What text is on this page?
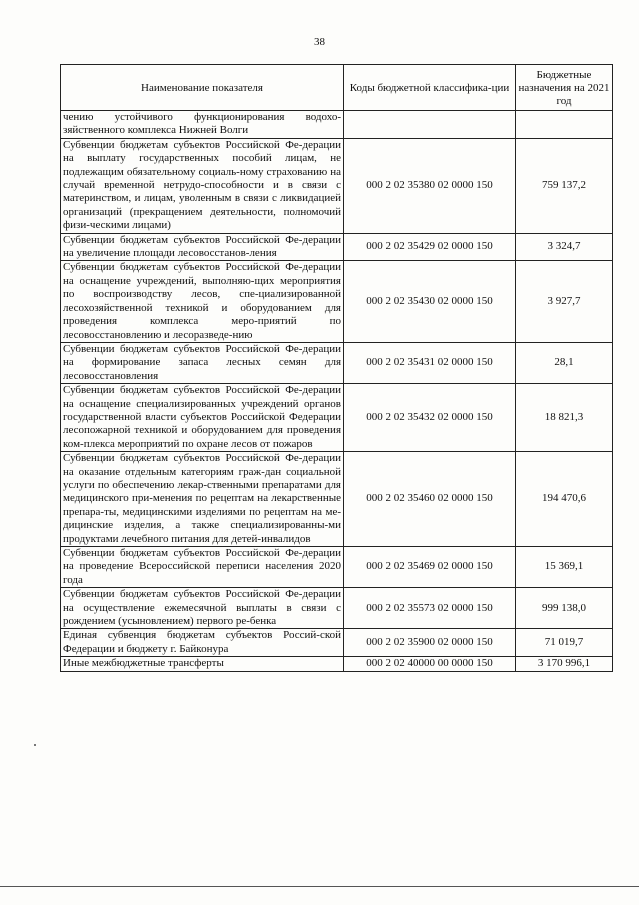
38
Наименование показателя	Коды бюджетной классифика-ции	Бюджетные назначения на 2021 год
чению устойчивого функционирования водохо-зяйственного комплекса Нижней Волги		
Субвенции бюджетам субъектов Российской Фе-дерации на выплату государственных пособий лицам, не подлежащим обязательному социаль-ному страхованию на случай временной нетрудо-способности и в связи с материнством, и лицам, уволенным в связи с ликвидацией организаций (прекращением деятельности, полномочий физи-ческими лицами)	000 2 02 35380 02 0000 150	759 137,2
Субвенции бюджетам субъектов Российской Фе-дерации на увеличение площади лесовосстанов-ления	000 2 02 35429 02 0000 150	3 324,7
Субвенции бюджетам субъектов Российской Фе-дерации на оснащение учреждений, выполняю-щих мероприятия по воспроизводству лесов, спе-циализированной лесохозяйственной техникой и оборудованием для проведения комплекса меро-приятий по лесовосстановлению и лесоразведе-нию	000 2 02 35430 02 0000 150	3 927,7
Субвенции бюджетам субъектов Российской Фе-дерации на формирование запаса лесных семян для лесовосстановления	000 2 02 35431 02 0000 150	28,1
Субвенции бюджетам субъектов Российской Фе-дерации на оснащение специализированных учреждений органов государственной власти субъектов Российской Федерации лесопожарной техникой и оборудованием для проведения ком-плекса мероприятий по охране лесов от пожаров	000 2 02 35432 02 0000 150	18 821,3
Субвенции бюджетам субъектов Российской Фе-дерации на оказание отдельным категориям граж-дан социальной услуги по обеспечению лекар-ственными препаратами для медицинского при-менения по рецептам на лекарственные препара-ты, медицинскими изделиями по рецептам на ме-дицинские изделия, а также специализированны-ми продуктами лечебного питания для детей-инвалидов	000 2 02 35460 02 0000 150	194 470,6
Субвенции бюджетам субъектов Российской Фе-дерации на проведение Всероссийской переписи населения 2020 года	000 2 02 35469 02 0000 150	15 369,1
Субвенции бюджетам субъектов Российской Фе-дерации на осуществление ежемесячной выплаты в связи с рождением (усыновлением) первого ре-бенка	000 2 02 35573 02 0000 150	999 138,0
Единая субвенция бюджетам субъектов Россий-ской Федерации и бюджету г. Байконура	000 2 02 35900 02 0000 150	71 019,7
Иные межбюджетные трансферты	000 2 02 40000 00 0000 150	3 170 996,1
